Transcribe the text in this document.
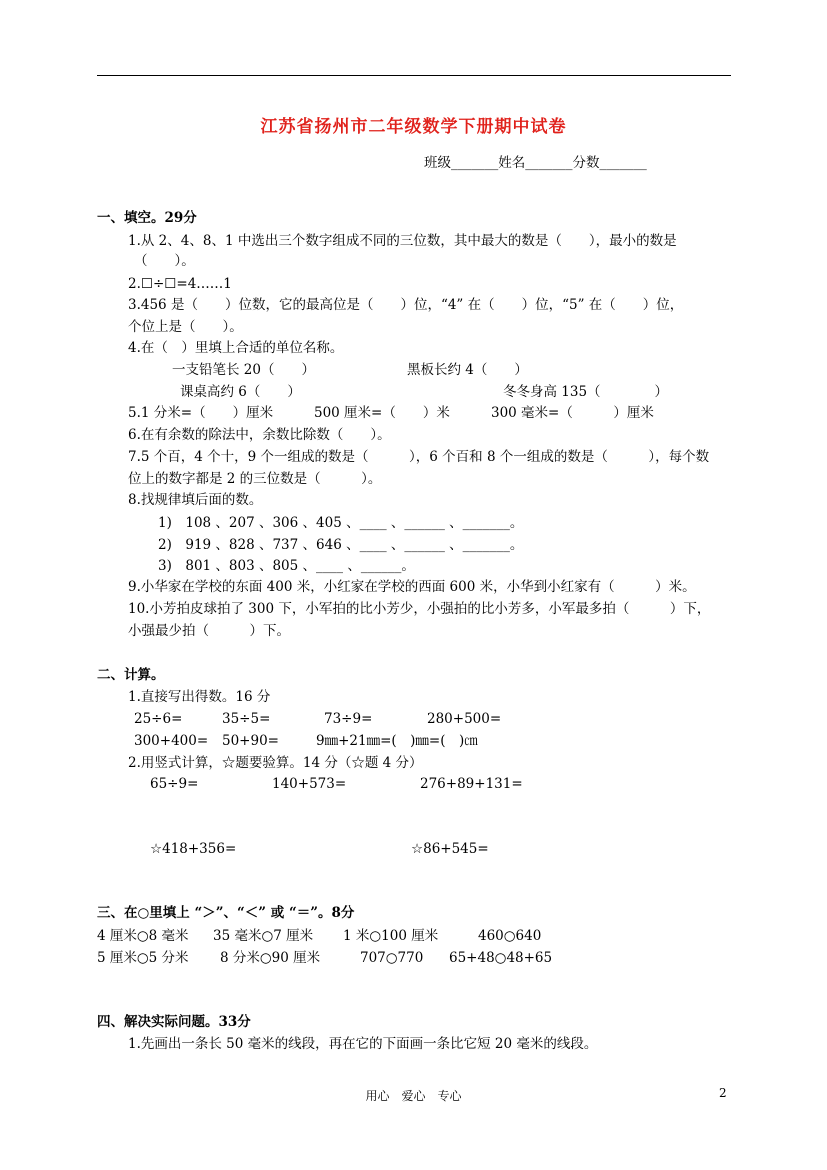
江苏省扬州市二年级数学下册期中试卷
班级_______姓名_______分数_______
一、填空。29分
1.从 2、4、8、1 中选出三个数字组成不同的三位数，其中最大的数是（　　），最小的数是
（　　）。
2.☐÷☐=4……1
3.456 是（　　）位数，它的最高位是（　　）位，“4” 在（　　）位，“5” 在（　　）位，
个位上是（　　）。
4.在（　）里填上合适的单位名称。
一支铅笔长 20（　　）	黑板长约 4（　　）
课桌高约 6（　　）	冬冬身高 135（　　　　）
5.1 分米=（　　）厘米	500 厘米=（　　）米	300 毫米=（　　　）厘米
6.在有余数的除法中，余数比除数（　　）。
7.5 个百，4 个十，9 个一组成的数是（　　　），6 个百和 8 个一组成的数是（　　　），每个数
位上的数字都是 2 的三位数是（　　　）。
8.找规律填后面的数。
1)　108 、207 、306 、405 、____ 、______ 、_______。
2)　919 、828 、737 、646 、____ 、______ 、_______。
3)　801 、803 、805 、____ 、______。
9.小华家在学校的东面 400 米，小红家在学校的西面 600 米，小华到小红家有（　　　）米。
10.小芳拍皮球拍了 300 下，小军拍的比小芳少，小强拍的比小芳多，小军最多拍（　　　）下，
小强最少拍（　　　）下。
二、计算。
1.直接写出得数。16 分
25÷6=	35÷5=	73÷9=	280+500=
300+400= 50+90=	9㎜+21㎜=(　)㎜=(　)㎝
2.用竖式计算，☆题要验算。14 分（☆题 4 分）
65÷9=	140+573=	276+89+131=
☆418+356=	☆86+545=
三、在○里填上 “＞”、“＜” 或 “＝”。8分
4 厘米○8 毫米 35 毫米○7 厘米 1 米○100 厘米	460○640
5 厘米○5 分米 8 分米○90 厘米	707○770 65+48○48+65
四、解决实际问题。33分
1.先画出一条长 50 毫米的线段，再在它的下面画一条比它短 20 毫米的线段。
用心　爱心　专心	2
